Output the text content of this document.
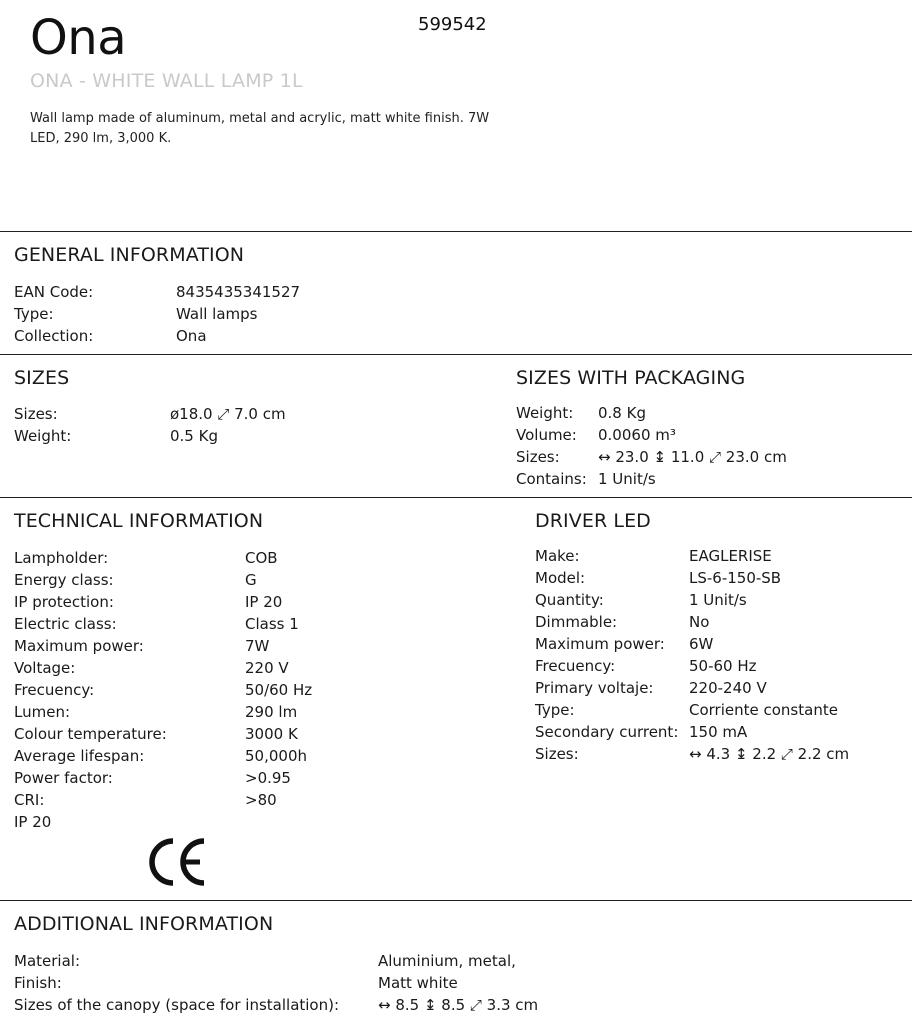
Ona	599542
ONA - WHITE WALL LAMP 1L
Wall lamp made of aluminum, metal and acrylic, matt white finish. 7W LED, 290 lm, 3,000 K.
GENERAL INFORMATION
EAN Code:	8435435341527
Type:	Wall lamps
Collection:	Ona
SIZES
Sizes:	ø18.0 ⤢ 7.0 cm
Weight:	0.5 Kg
SIZES WITH PACKAGING
Weight: 0.8 Kg
Volume: 0.0060 m³
Sizes:	↔ 23.0 ↨ 11.0 ⤢ 23.0 cm
Contains: 1 Unit/s
TECHNICAL INFORMATION
Lampholder:	COB
Energy class:	G
IP protection:	IP 20
Electric class:	Class 1
Maximum power:	7W
Voltage:	220 V
Frecuency:	50/60 Hz
Lumen:	290 lm
Colour temperature:	3000 K
Average lifespan:	50,000h
Power factor:	>0.95
CRI:	>80
IP 20
DRIVER LED
Make:	EAGLERISE
Model:	LS-6-150-SB
Quantity:	1 Unit/s
Dimmable:	No
Maximum power: 6W
Frecuency:	50-60 Hz
Primary voltaje: 220-240 V
Type:	Corriente constante
Secondary current: 150 mA
Sizes:	↔ 4.3 ↨ 2.2 ⤢ 2.2 cm
ADDITIONAL INFORMATION
Material:	Aluminium, metal,
Finish:	Matt white
Sizes of the canopy (space for installation):	↔ 8.5 ↨ 8.5 ⤢ 3.3 cm
